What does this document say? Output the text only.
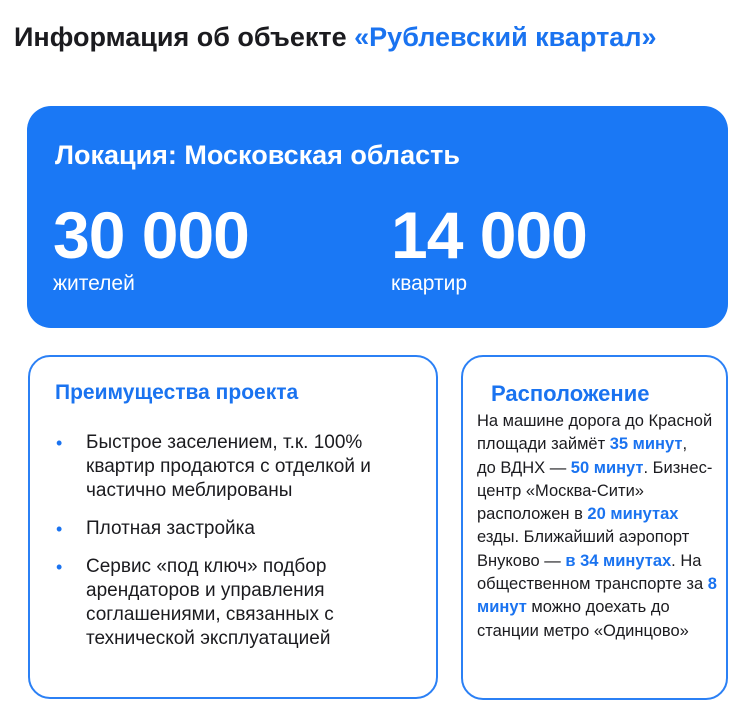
Информация об объекте «Рублевский квартал»
Локация: Московская область
30 000
жителей
14 000
квартир
Преимущества проекта
• Быстрое заселением, т.к. 100% квартир продаются с отделкой и частично меблированы
• Плотная застройка
• Сервис «под ключ» подбор арендаторов и управления соглашениями, связанных с технической эксплуатацией
Расположение
На машине дорога до Красной площади займёт 35 минут,
до ВДНХ — 50 минут. Бизнес-центр «Москва-Сити» расположен в 20 минутах езды. Ближайший аэропорт Внуково — в 34 минутах. На общественном транспорте за 8 минут можно доехать до станции метро «Одинцово»
